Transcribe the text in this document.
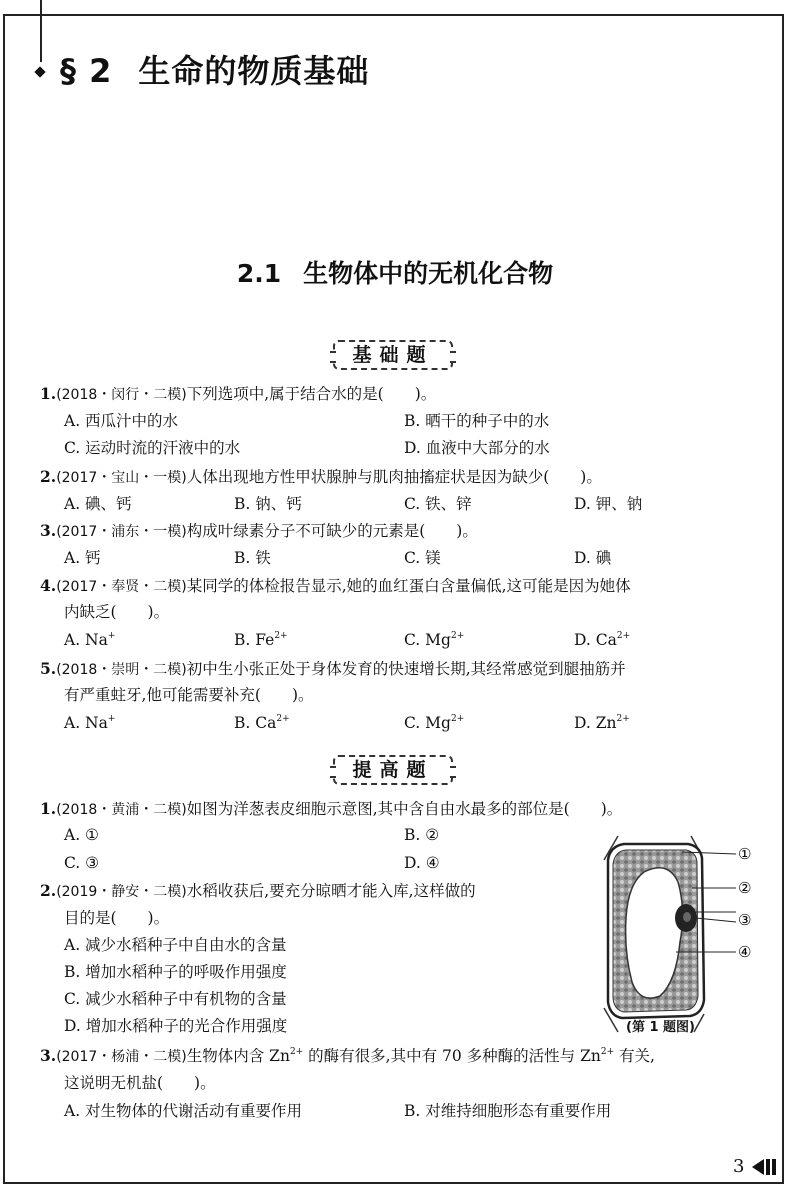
§ 2 生命的物质基础
2.1 生物体中的无机化合物
基础题
1.(2018・闵行・二模)下列选项中,属于结合水的是(　　)。
A. 西瓜汁中的水	B. 晒干的种子中的水
C. 运动时流的汗液中的水	D. 血液中大部分的水
2.(2017・宝山・一模)人体出现地方性甲状腺肿与肌肉抽搐症状是因为缺少(　　)。
A. 碘、钙	B. 钠、钙	C. 铁、锌	D. 钾、钠
3.(2017・浦东・一模)构成叶绿素分子不可缺少的元素是(　　)。
A. 钙	B. 铁	C. 镁	D. 碘
4.(2017・奉贤・二模)某同学的体检报告显示,她的血红蛋白含量偏低,这可能是因为她体
内缺乏(　　)。
A. Na+	B. $Fe^{2+}$	C. $Mg^{2+}$	D. $Ca^{2+}$
5.(2018・崇明・二模)初中生小张正处于身体发育的快速增长期,其经常感觉到腿抽筋并
有严重蛀牙,他可能需要补充(　　)。
A. Na+	B. $Ca^{2+}$	C. $Mg^{2+}$	D. $Zn^{2+}$
提高题
1.(2018・黄浦・二模)如图为洋葱表皮细胞示意图,其中含自由水最多的部位是(　　)。
A. ①	B. ②
C. ③	D. ④
2.(2019・静安・二模)水稻收获后,要充分晾晒才能入库,这样做的
目的是(　　)。
A. 减少水稻种子中自由水的含量
B. 增加水稻种子的呼吸作用强度
C. 减少水稻种子中有机物的含量
D. 增加水稻种子的光合作用强度
①
②
③
④
(第 1 题图)
3.(2017・杨浦・二模)生物体内含 $Zn^{2+}$ 的酶有很多,其中有 70 多种酶的活性与 $Zn^{2+}$ 有关,
这说明无机盐(　　)。
A. 对生物体的代谢活动有重要作用	B. 对维持细胞形态有重要作用
3
